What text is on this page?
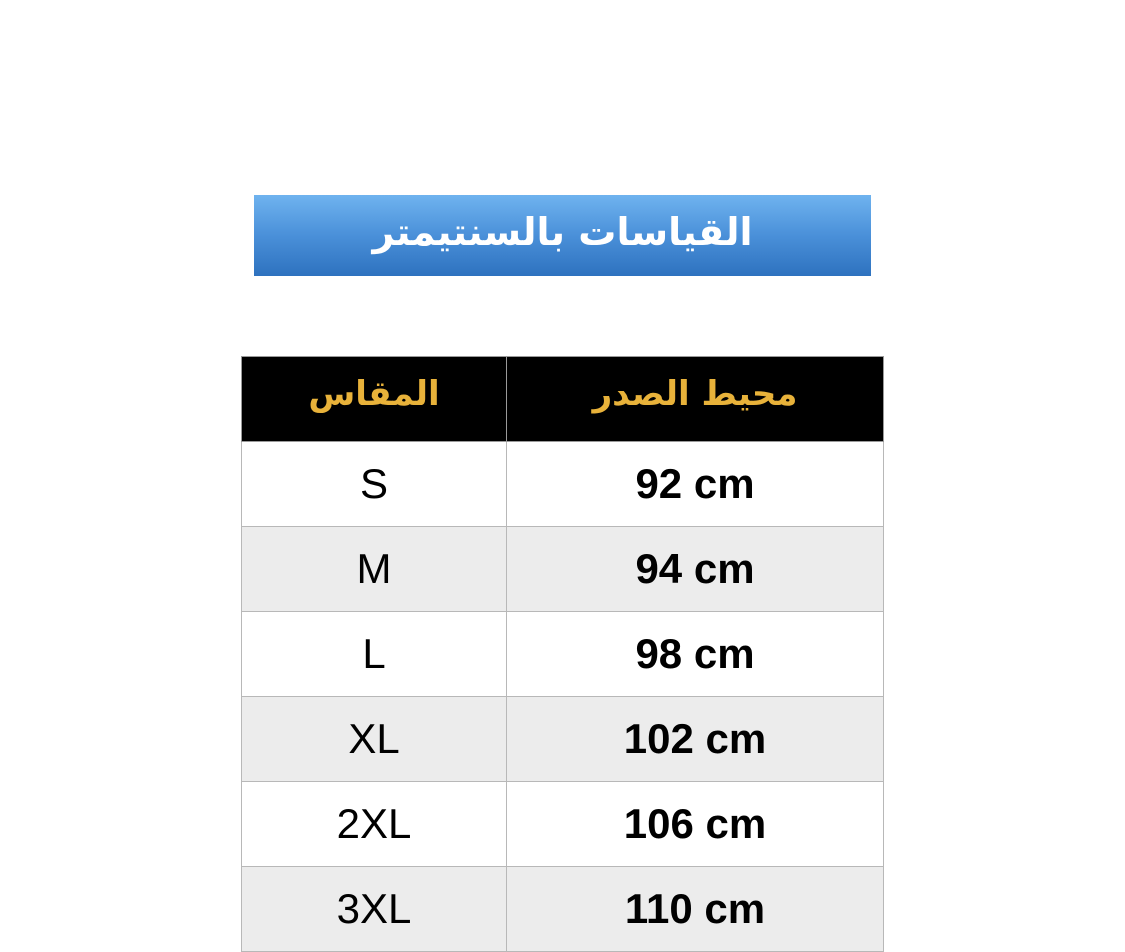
القياسات بالسنتيمتر
المقاس	محيط الصدر
S	92 cm
M	94 cm
L	98 cm
XL	102 cm
2XL	106 cm
3XL	110 cm
